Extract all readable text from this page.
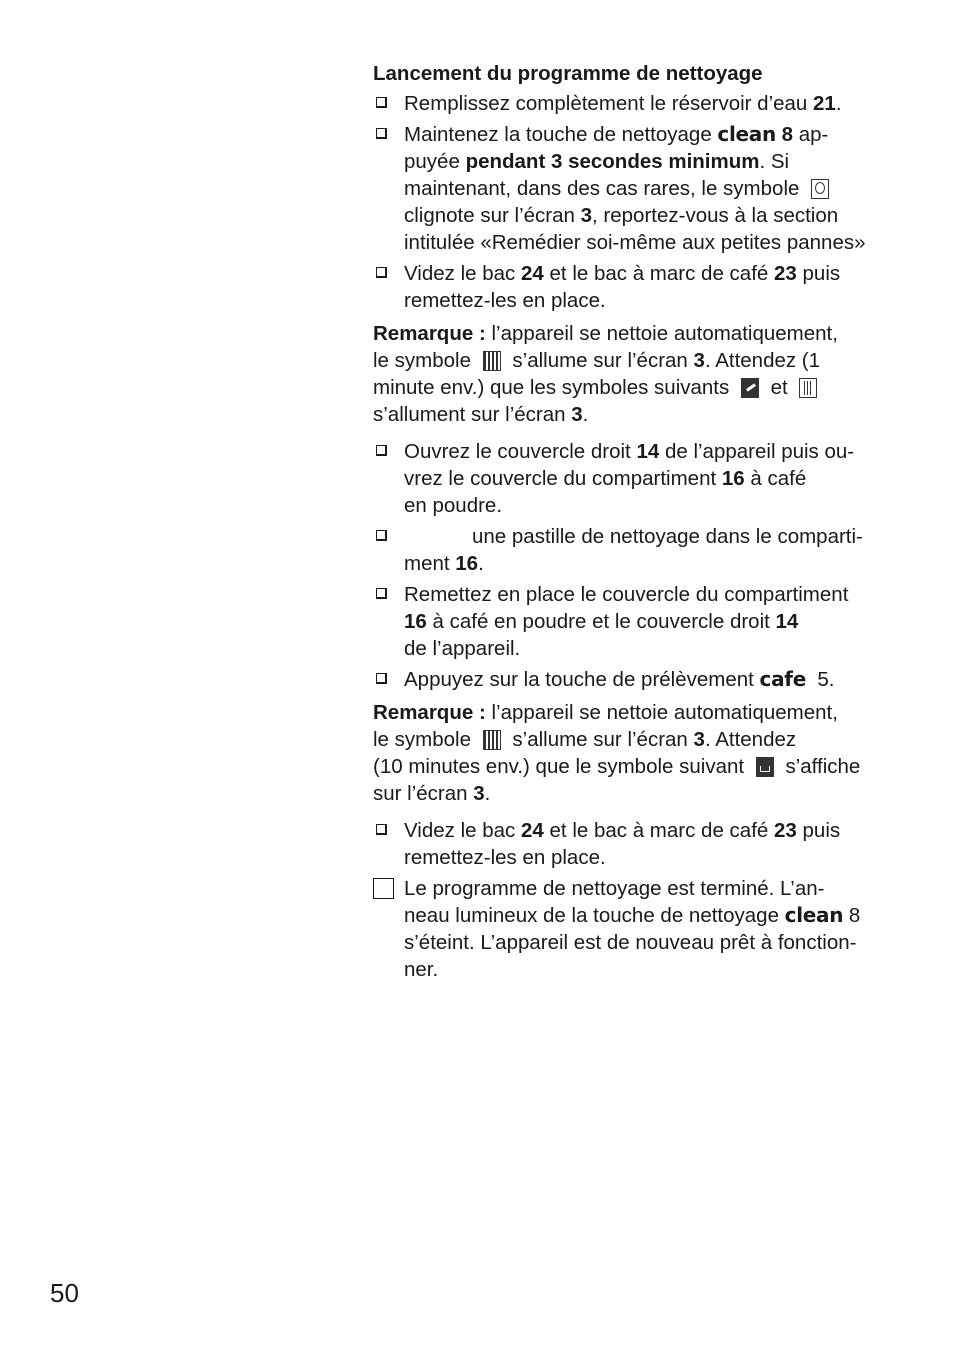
Lancement du programme de nettoyage
Remplissez complètement le réservoir d’eau 21.
Maintenez la touche de nettoyage clean 8 ap-
puyée pendant 3 secondes minimum. Si
maintenant, dans des cas rares, le symbole
clignote sur l’écran 3, reportez-vous à la section
intitulée «Remédier soi-même aux petites pannes»
Videz le bac 24 et le bac à marc de café 23 puis
remettez-les en place.
Remarque : l’appareil se nettoie automatiquement,
le symbole  s’allume sur l’écran 3. Attendez (1
minute env.) que les symboles suivants  et
s’allument sur l’écran 3.
Ouvrez le couvercle droit 14 de l’appareil puis ou-
vrez le couvercle du compartiment 16 à café
en poudre.
une pastille de nettoyage dans le comparti-
ment 16.
Remettez en place le couvercle du compartiment
16 à café en poudre et le couvercle droit 14
de l’appareil.
Appuyez sur la touche de prélèvement cafe 5.
Remarque : l’appareil se nettoie automatiquement,
le symbole  s’allume sur l’écran 3. Attendez
(10 minutes env.) que le symbole suivant  s’affiche
sur l’écran 3.
Videz le bac 24 et le bac à marc de café 23 puis
remettez-les en place.
Le programme de nettoyage est terminé. L’an-
neau lumineux de la touche de nettoyage clean 8
s’éteint. L’appareil est de nouveau prêt à fonction-
ner.
50
